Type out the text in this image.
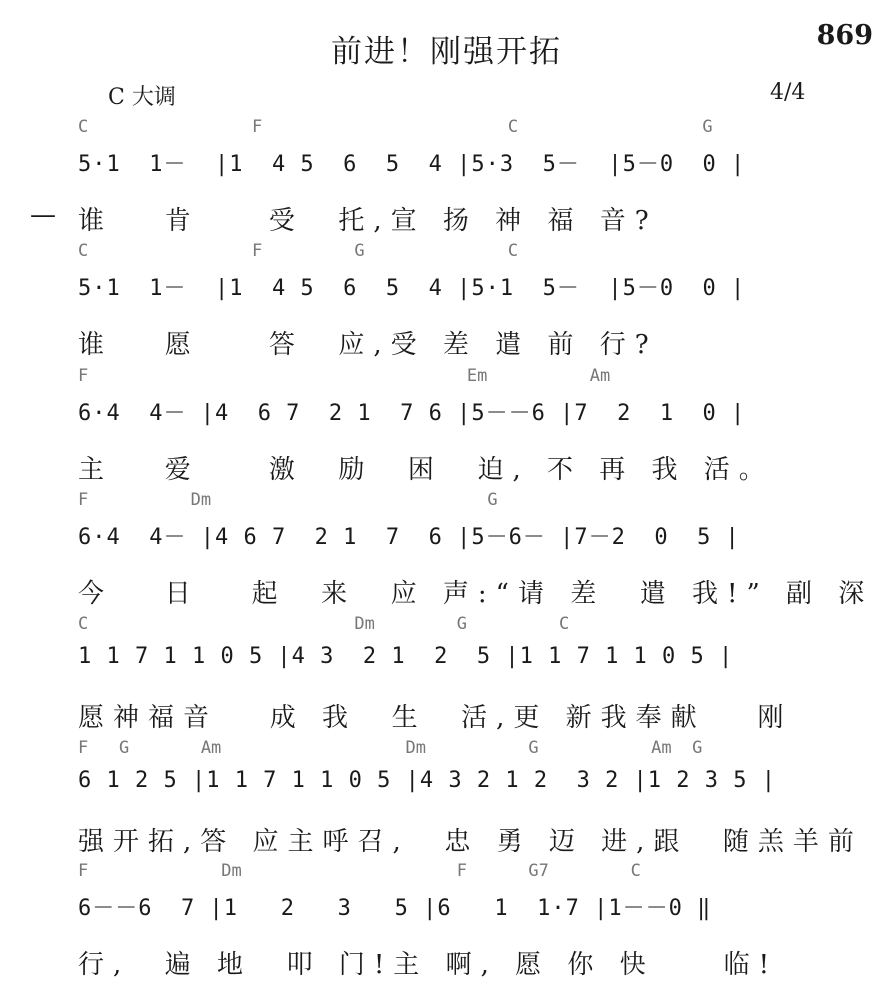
前进！刚强开拓	869
C 大调	4/4
C                F                        C                  G
5·1  1－  |1  4 5  6  5  4 |5·3  5－  |5－0  0 |
— 谁   肯    受  托,宣 扬 神 福 音?
C                F         G              C
5·1  1－  |1  4 5  6  5  4 |5·1  5－  |5－0  0 |
谁   愿    答  应,受 差 遣 前 行?
F                                     Em          Am
6·4  4－ |4  6 7  2 1  7 6 |5－－6 |7  2  1  0 |
主   爱    激  励  困  迫, 不 再 我 活。
F          Dm                           G
6·4  4－ |4 6 7  2 1  7  6 |5－6－ |7－2  0  5 |
今   日   起  来  应 声:“请 差  遣 我!” 副 深
C                          Dm        G         C
1 1 7 1 1 0 5 |4 3  2 1  2  5 |1 1 7 1 1 0 5 |
愿神福音   成 我  生  活,更 新我奉献   刚
F   G       Am                  Dm          G           Am  G
6 1 2 5 |1 1 7 1 1 0 5 |4 3 2 1 2  3 2 |1 2 3 5 |
强开拓,答 应主呼召,  忠 勇 迈 进,跟  随羔羊前
F             Dm                     F      G7        C
6－－6  7 |1   2   3   5 |6   1  1·7 |1－－0 ‖
行,  遍 地  叩 门!主 啊, 愿 你 快    临!
